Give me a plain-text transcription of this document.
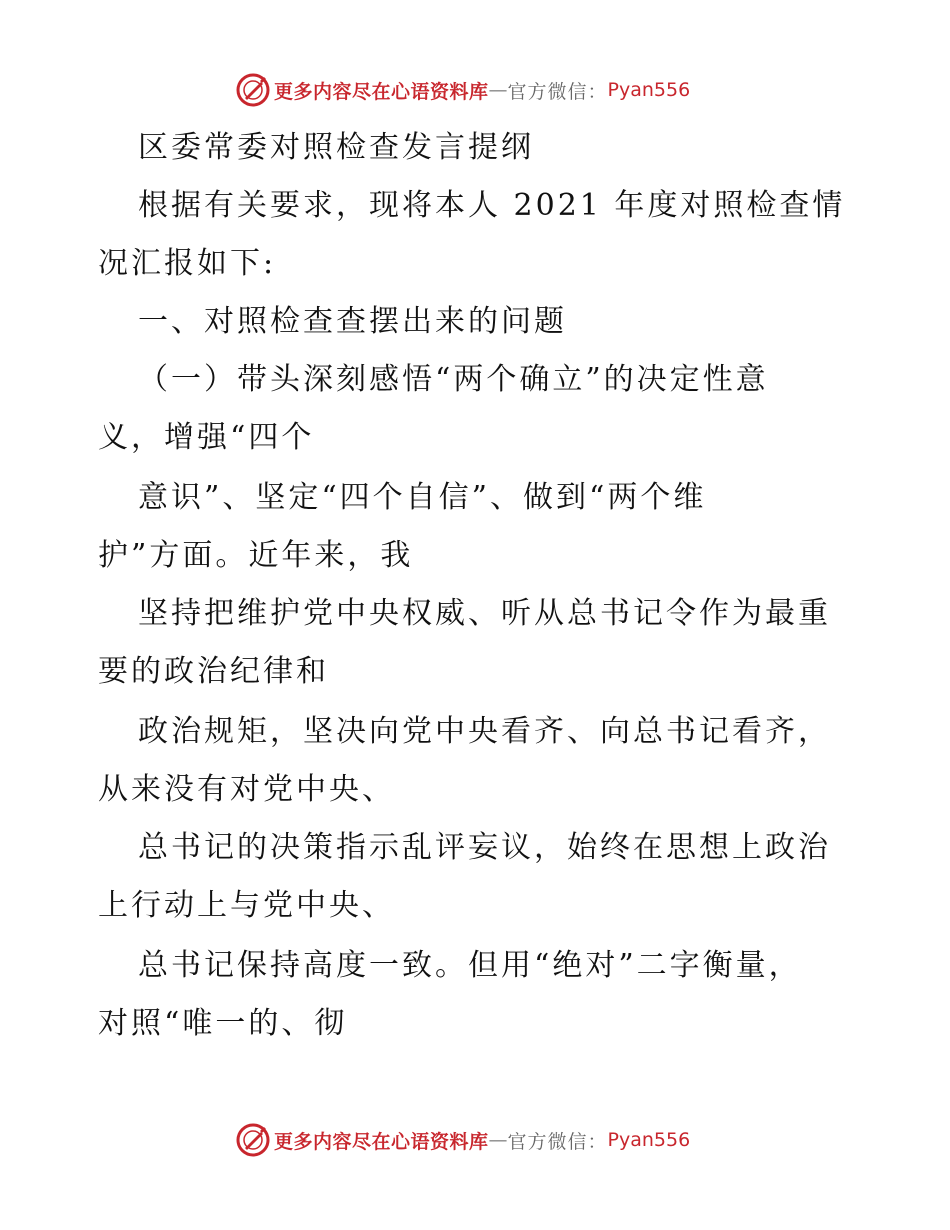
更多内容尽在心语资料库 — 官方微信： Pyan556
区委常委对照检查发言提纲
根据有关要求，现将本人 2021 年度对照检查情
况汇报如下:
一、对照检查查摆出来的问题
（一）带头深刻感悟“两个确立”的决定性意
义，增强“四个
意识”、坚定“四个自信”、做到“两个维
护”方面。近年来，我
坚持把维护党中央权威、听从总书记令作为最重
要的政治纪律和
政治规矩，坚决向党中央看齐、向总书记看齐，
从来没有对党中央、
总书记的决策指示乱评妄议，始终在思想上政治
上行动上与党中央、
总书记保持高度一致。但用“绝对”二字衡量，
对照“唯一的、彻
更多内容尽在心语资料库 — 官方微信： Pyan556
